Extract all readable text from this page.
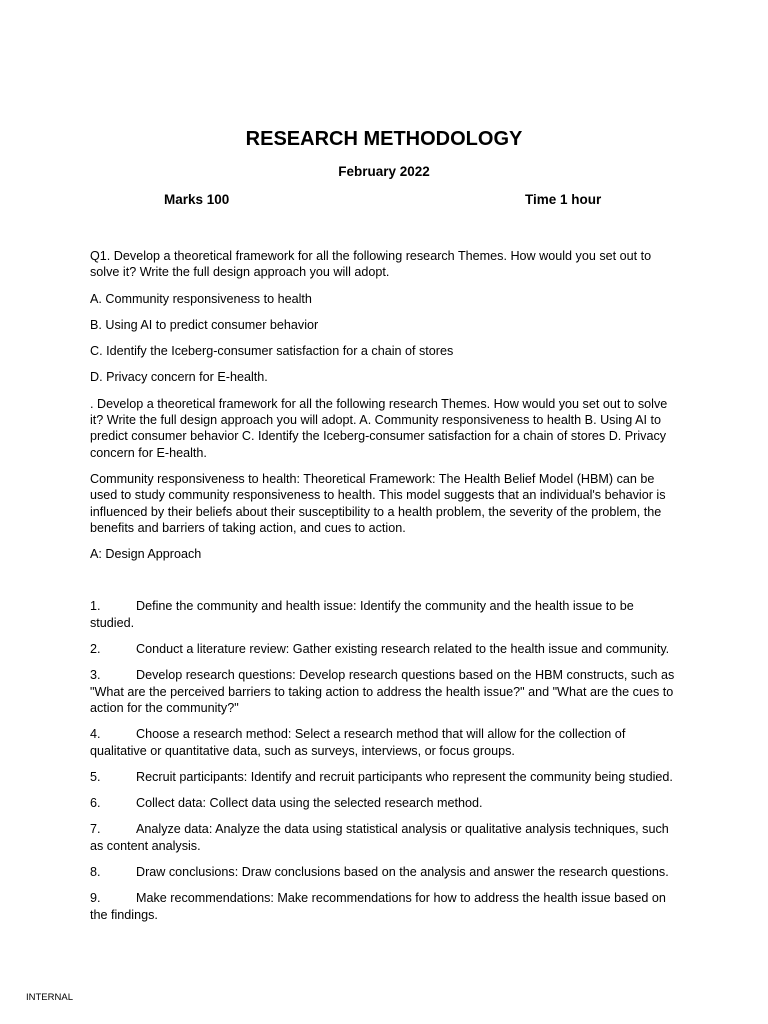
RESEARCH METHODOLOGY
February 2022
Marks 100	Time 1 hour

Q1. Develop a theoretical framework for all the following research Themes. How would you set out to solve it? Write the full design approach you will adopt.

A. Community responsiveness to health

B. Using AI to predict consumer behavior

C. Identify the Iceberg-consumer satisfaction for a chain of stores

D. Privacy concern for E-health.

. Develop a theoretical framework for all the following research Themes. How would you set out to solve it? Write the full design approach you will adopt. A. Community responsiveness to health B. Using AI to predict consumer behavior C. Identify the Iceberg-consumer satisfaction for a chain of stores D. Privacy concern for E-health.

Community responsiveness to health: Theoretical Framework: The Health Belief Model (HBM) can be used to study community responsiveness to health. This model suggests that an individual's behavior is influenced by their beliefs about their susceptibility to a health problem, the severity of the problem, the benefits and barriers of taking action, and cues to action.

A: Design Approach

1.	Define the community and health issue: Identify the community and the health issue to be studied.
2.	Conduct a literature review: Gather existing research related to the health issue and community.
3.	Develop research questions: Develop research questions based on the HBM constructs, such as "What are the perceived barriers to taking action to address the health issue?" and "What are the cues to action for the community?"
4.	Choose a research method: Select a research method that will allow for the collection of qualitative or quantitative data, such as surveys, interviews, or focus groups.
5.	Recruit participants: Identify and recruit participants who represent the community being studied.
6.	Collect data: Collect data using the selected research method.
7.	Analyze data: Analyze the data using statistical analysis or qualitative analysis techniques, such as content analysis.
8.	Draw conclusions: Draw conclusions based on the analysis and answer the research questions.
9.	Make recommendations: Make recommendations for how to address the health issue based on the findings.
INTERNAL
